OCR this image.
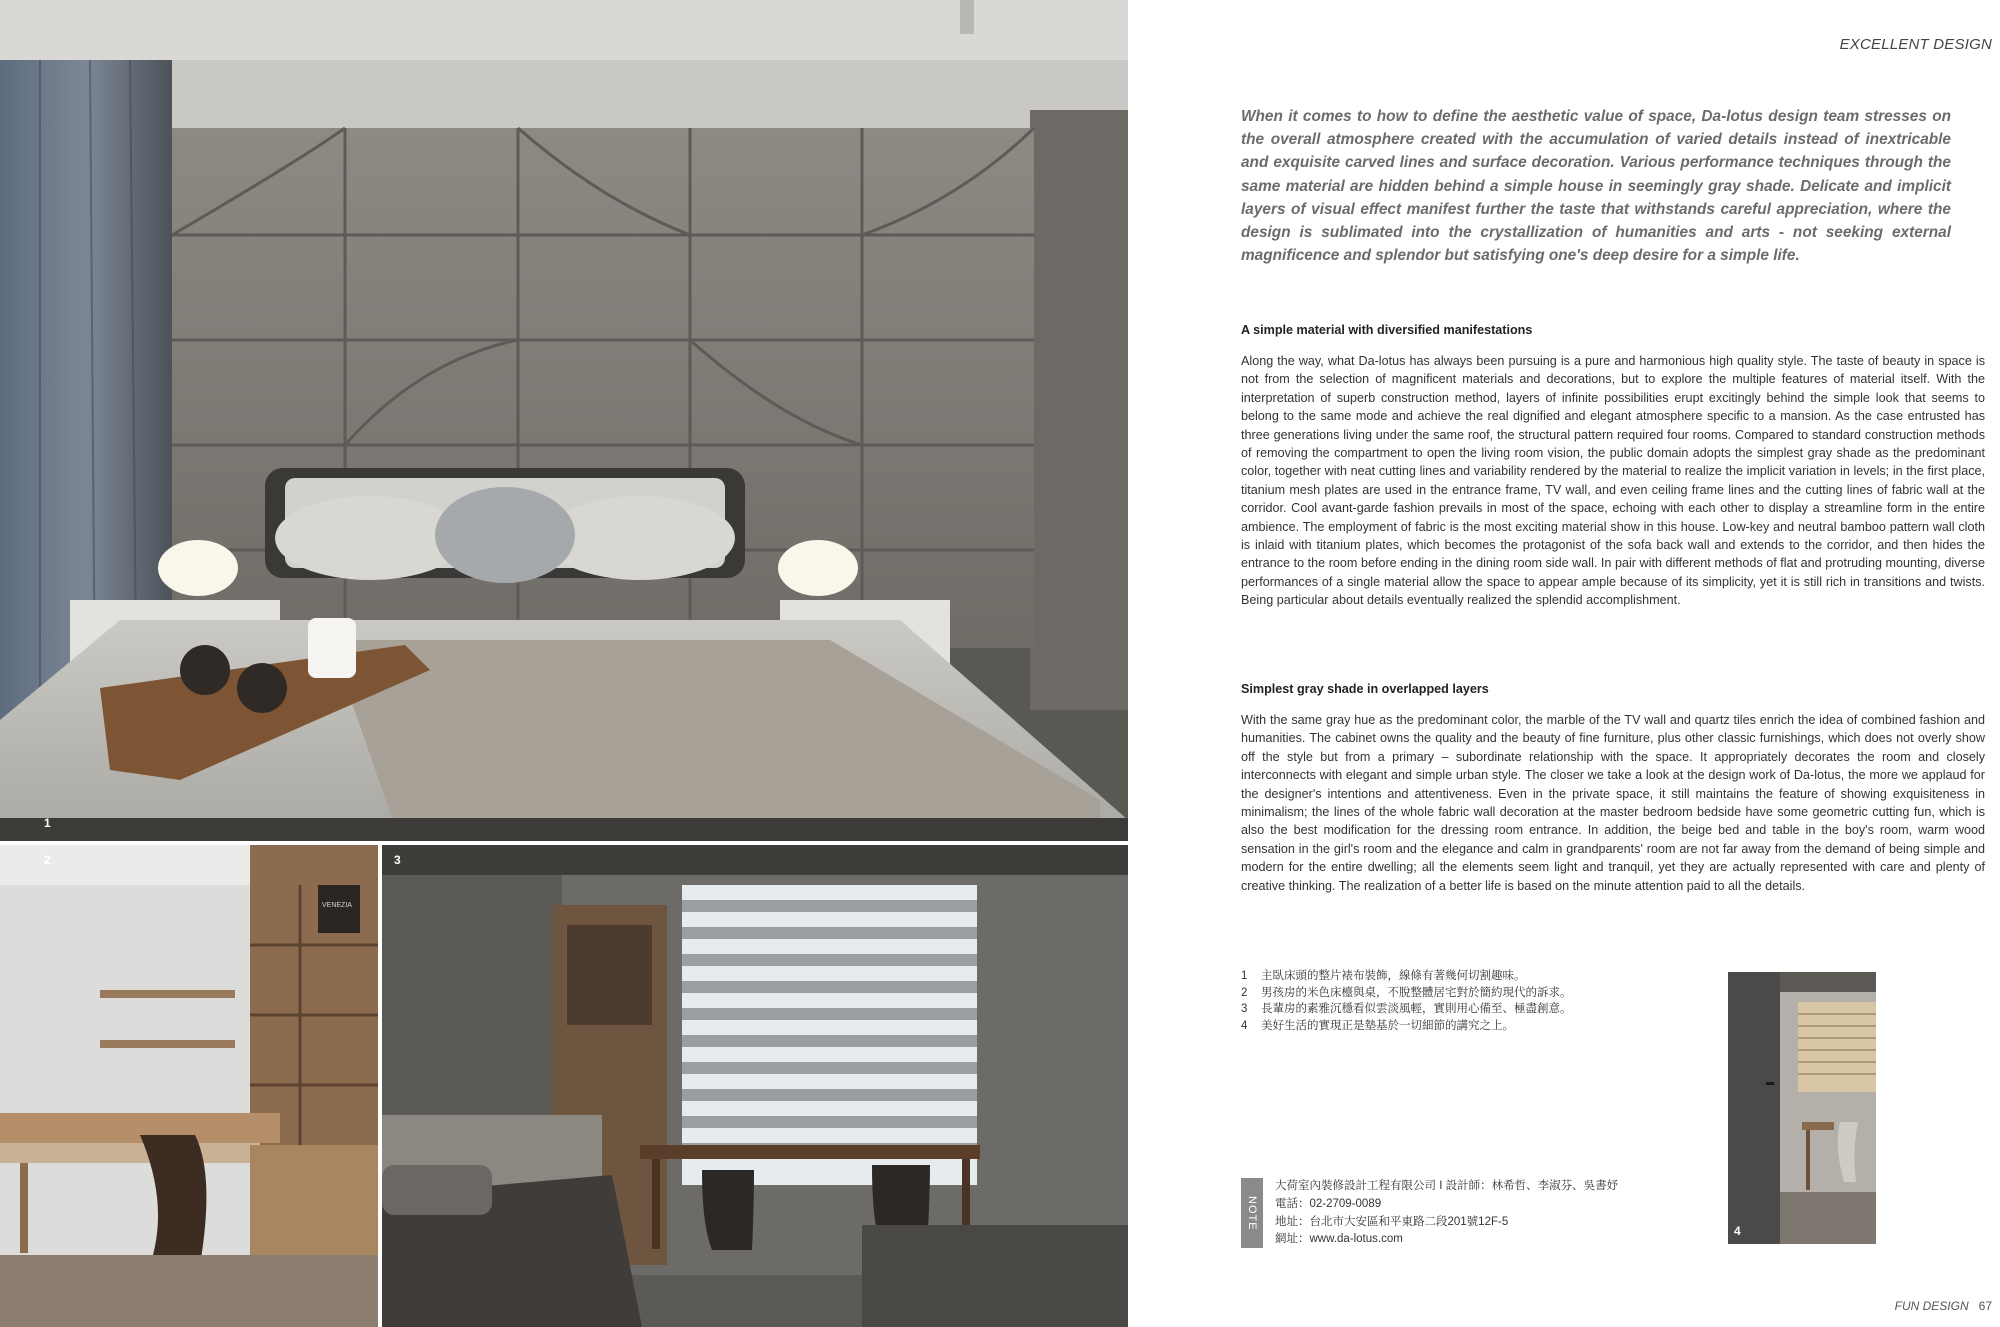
1
VENEZIA
2	3
4
EXCELLENT DESIGN

When it comes to how to define the aesthetic value of space, Da-lotus design team stresses on the overall atmosphere created with the accumulation of varied details instead of inextricable and exquisite carved lines and surface decoration. Various performance techniques through the same material are hidden behind a simple house in seemingly gray shade. Delicate and implicit layers of visual effect manifest further the taste that withstands careful appreciation, where the design is sublimated into the crystallization of humanities and arts - not seeking external magnificence and splendor but satisfying one's deep desire for a simple life.

A simple material with diversified manifestations

Along the way, what Da-lotus has always been pursuing is a pure and harmonious high quality style. The taste of beauty in space is not from the selection of magnificent materials and decorations, but to explore the multiple features of material itself. With the interpretation of superb construction method, layers of infinite possibilities erupt excitingly behind the simple look that seems to belong to the same mode and achieve the real dignified and elegant atmosphere specific to a mansion. As the case entrusted has three generations living under the same roof, the structural pattern required four rooms. Compared to standard construction methods of removing the compartment to open the living room vision, the public domain adopts the simplest gray shade as the predominant color, together with neat cutting lines and variability rendered by the material to realize the implicit variation in levels; in the first place, titanium mesh plates are used in the entrance frame, TV wall, and even ceiling frame lines and the cutting lines of fabric wall at the corridor. Cool avant-garde fashion prevails in most of the space, echoing with each other to display a streamline form in the entire ambience. The employment of fabric is the most exciting material show in this house. Low-key and neutral bamboo pattern wall cloth is inlaid with titanium plates, which becomes the protagonist of the sofa back wall and extends to the corridor, and then hides the entrance to the room before ending in the dining room side wall. In pair with different methods of flat and protruding mounting, diverse performances of a single material allow the space to appear ample because of its simplicity, yet it is still rich in transitions and twists. Being particular about details eventually realized the splendid accomplishment.

Simplest gray shade in overlapped layers

With the same gray hue as the predominant color, the marble of the TV wall and quartz tiles enrich the idea of combined fashion and humanities. The cabinet owns the quality and the beauty of fine furniture, plus other classic furnishings, which does not overly show off the style but from a primary – subordinate relationship with the space. It appropriately decorates the room and closely interconnects with elegant and simple urban style. The closer we take a look at the design work of Da-lotus, the more we applaud for the designer's intentions and attentiveness. Even in the private space, it still maintains the feature of showing exquisiteness in minimalism; the lines of the whole fabric wall decoration at the master bedroom bedside have some geometric cutting fun, which is also the best modification for the dressing room entrance. In addition, the beige bed and table in the boy's room, warm wood sensation in the girl's room and the elegance and calm in grandparents' room are not far away from the demand of being simple and modern for the entire dwelling; all the elements seem light and tranquil, yet they are actually represented with care and plenty of creative thinking. The realization of a better life is based on the minute attention paid to all the details.

1	主臥床頭的整片裱布裝飾，線條有著幾何切割趣味。
2	男孩房的米色床檯與桌，不脫整體居宅對於簡約現代的訴求。
3	長輩房的素雅沉穩看似雲淡風輕，實則用心備至、極盡創意。
4	美好生活的實現正是墊基於一切細節的講究之上。
NOTE
大荷室內裝修設計工程有限公司 I 設計師：林希哲、李淑芬、吳書妤
電話：02-2709-0089
地址：台北市大安區和平東路二段201號12F-5
網址：www.da-lotus.com
FUN DESIGN 67
